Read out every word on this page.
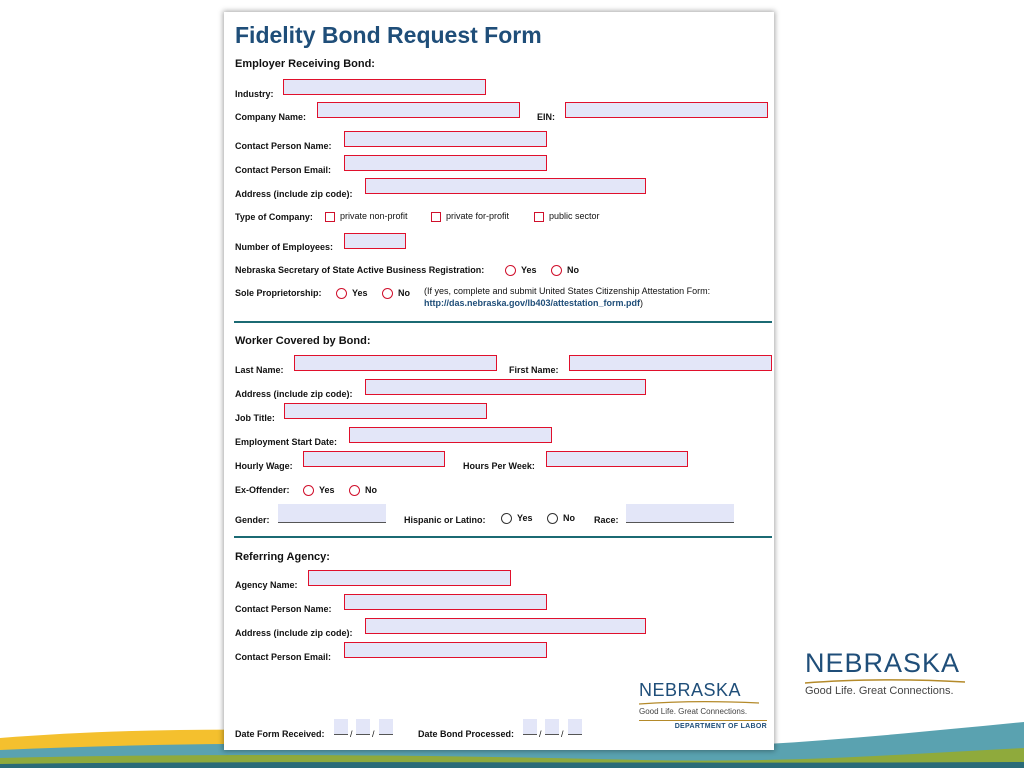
NEBRASKA
Good Life. Great Connections.
Fidelity Bond Request Form
Employer Receiving Bond:
Industry:
Company Name:	EIN:
Contact Person Name:
Contact Person Email:
Address (include zip code):
Type of Company:	private non-profit	private for-profit	public sector
Number of Employees:
Nebraska Secretary of State Active Business Registration:	Yes	No
Sole Proprietorship:	Yes	No (If yes, complete and submit United States Citizenship Attestation Form:
http://das.nebraska.gov/lb403/attestation_form.pdf)
Worker Covered by Bond:
Last Name:	First Name:
Address (include zip code):
Job Title:
Employment Start Date:
Hourly Wage:	Hours Per Week:
Ex-Offender:	Yes	No
Gender:	Hispanic or Latino:	Yes	No Race:
Referring Agency:
Agency Name:
Contact Person Name:
Address (include zip code):
Contact Person Email:
NEBRASKA
Good Life. Great Connections.
DEPARTMENT OF LABOR
Date Form Received:	/ /	Date Bond Processed:	/ /
